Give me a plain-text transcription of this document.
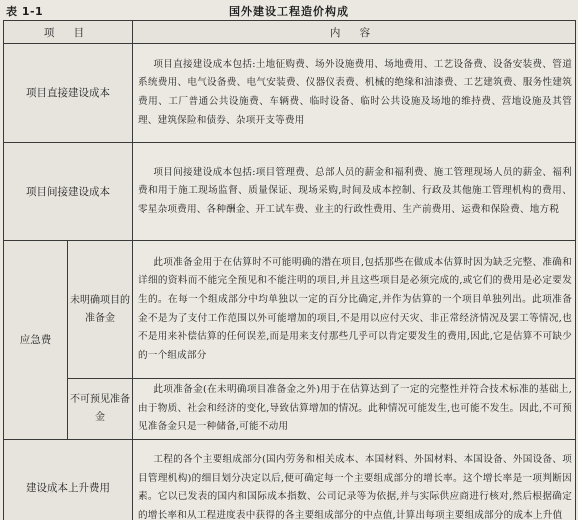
表 1-1	国外建设工程造价构成
项 目		内 容
项目直接建设成本		项目直接建设成本包括:土地征购费、场外设施费用、场地费用、工艺设备费、设备安装费、管道系统费用、电气设备费、电气安装费、仪器仪表费、机械的绝缘和油漆费、工艺建筑费、服务性建筑费用、工厂普通公共设施费、车辆费、临时设备、临时公共设施及场地的维持费、营地设施及其管理、建筑保险和债券、杂项开支等费用
项目间接建设成本		项目间接建设成本包括:项目管理费、总部人员的薪金和福利费、施工管理现场人员的薪金、福利费和用于施工现场监督、质量保证、现场采购,时间及成本控制、行政及其他施工管理机构的费用、零星杂项费用、各种酬金、开工试车费、业主的行政性费用、生产前费用、运费和保险费、地方税
应急费	未明确项目的准备金	此项准备金用于在估算时不可能明确的潜在项目,包括那些在做成本估算时因为缺乏完整、准确和详细的资料而不能完全预见和不能注明的项目,并且这些项目是必须完成的,或它们的费用是必定要发生的。在每一个组成部分中均单独以一定的百分比确定,并作为估算的一个项目单独列出。此项准备金不是为了支付工作范围以外可能增加的项目,不是用以应付天灾、非正常经济情况及罢工等情况,也不是用来补偿估算的任何误差,而是用来支付那些几乎可以肯定要发生的费用,因此,它是估算不可缺少的一个组成部分
	不可预见准备金	此项准备金(在未明确项目准备金之外)用于在估算达到了一定的完整性并符合技术标准的基础上,由于物质、社会和经济的变化,导致估算增加的情况。此种情况可能发生,也可能不发生。因此,不可预见准备金只是一种储备,可能不动用
建设成本上升费用		工程的各个主要组成部分(国内劳务和相关成本、本国材料、外国材料、本国设备、外国设备、项目管理机构)的细目划分决定以后,便可确定每一个主要组成部分的增长率。这个增长率是一项判断因素。它以已发表的国内和国际成本指数、公司记录等为依据,并与实际供应商进行核对,然后根据确定的增长率和从工程进度表中获得的各主要组成部分的中点值,计算出每项主要组成部分的成本上升值
